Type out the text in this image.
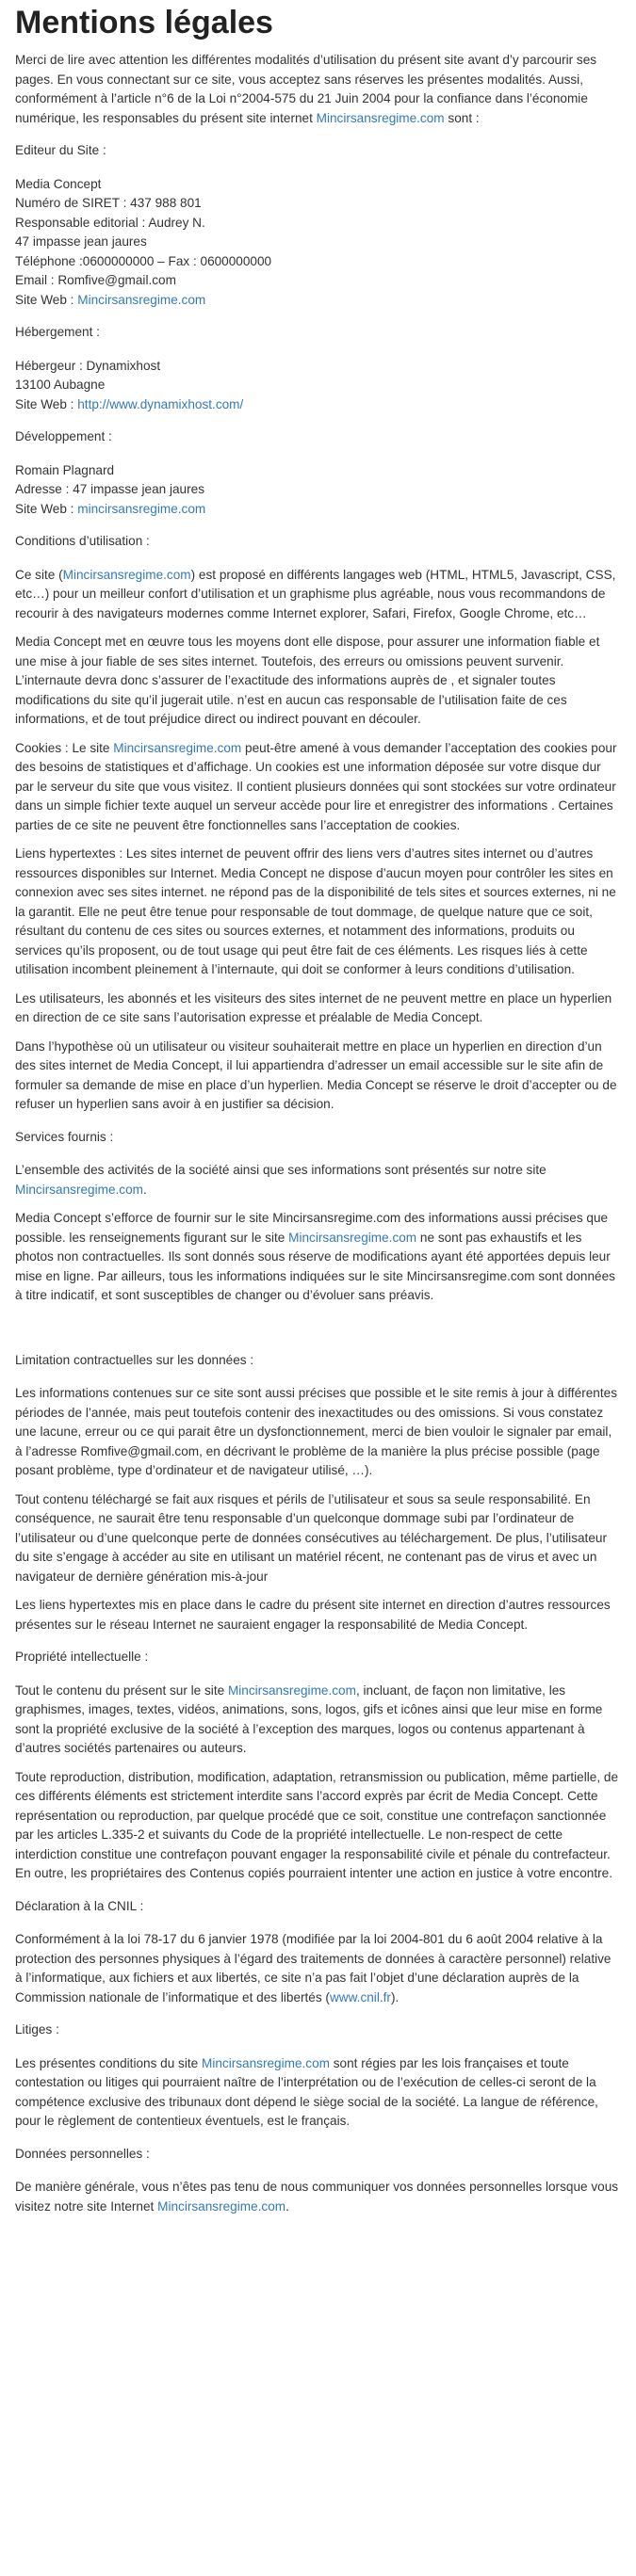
Mentions légales

Merci de lire avec attention les différentes modalités d’utilisation du présent site avant d’y parcourir ses pages. En vous connectant sur ce site, vous acceptez sans réserves les présentes modalités. Aussi, conformément à l’article n°6 de la Loi n°2004-575 du 21 Juin 2004 pour la confiance dans l’économie numérique, les responsables du présent site internet Mincirsansregime.com sont :

Editeur du Site :

Media Concept
Numéro de SIRET : 437 988 801
Responsable editorial : Audrey N.
47 impasse jean jaures
Téléphone :0600000000 – Fax : 0600000000
Email : Romfive@gmail.com
Site Web : Mincirsansregime.com

Hébergement :

Hébergeur : Dynamixhost
13100 Aubagne
Site Web : http://www.dynamixhost.com/

Développement :

Romain Plagnard
Adresse : 47 impasse jean jaures
Site Web : mincirsansregime.com

Conditions d’utilisation :

Ce site (Mincirsansregime.com) est proposé en différents langages web (HTML, HTML5, Javascript, CSS, etc…) pour un meilleur confort d’utilisation et un graphisme plus agréable, nous vous recommandons de recourir à des navigateurs modernes comme Internet explorer, Safari, Firefox, Google Chrome, etc…

Media Concept met en œuvre tous les moyens dont elle dispose, pour assurer une information fiable et une mise à jour fiable de ses sites internet. Toutefois, des erreurs ou omissions peuvent survenir. L’internaute devra donc s’assurer de l’exactitude des informations auprès de , et signaler toutes modifications du site qu’il jugerait utile. n’est en aucun cas responsable de l’utilisation faite de ces informations, et de tout préjudice direct ou indirect pouvant en découler.

Cookies : Le site Mincirsansregime.com peut-être amené à vous demander l’acceptation des cookies pour des besoins de statistiques et d’affichage. Un cookies est une information déposée sur votre disque dur par le serveur du site que vous visitez. Il contient plusieurs données qui sont stockées sur votre ordinateur dans un simple fichier texte auquel un serveur accède pour lire et enregistrer des informations . Certaines parties de ce site ne peuvent être fonctionnelles sans l’acceptation de cookies.

Liens hypertextes : Les sites internet de peuvent offrir des liens vers d’autres sites internet ou d’autres ressources disponibles sur Internet. Media Concept ne dispose d’aucun moyen pour contrôler les sites en connexion avec ses sites internet. ne répond pas de la disponibilité de tels sites et sources externes, ni ne la garantit. Elle ne peut être tenue pour responsable de tout dommage, de quelque nature que ce soit, résultant du contenu de ces sites ou sources externes, et notamment des informations, produits ou services qu’ils proposent, ou de tout usage qui peut être fait de ces éléments. Les risques liés à cette utilisation incombent pleinement à l’internaute, qui doit se conformer à leurs conditions d’utilisation.

Les utilisateurs, les abonnés et les visiteurs des sites internet de ne peuvent mettre en place un hyperlien en direction de ce site sans l’autorisation expresse et préalable de Media Concept.

Dans l’hypothèse où un utilisateur ou visiteur souhaiterait mettre en place un hyperlien en direction d’un des sites internet de Media Concept, il lui appartiendra d’adresser un email accessible sur le site afin de formuler sa demande de mise en place d’un hyperlien. Media Concept se réserve le droit d’accepter ou de refuser un hyperlien sans avoir à en justifier sa décision.

Services fournis :

L’ensemble des activités de la société ainsi que ses informations sont présentés sur notre site Mincirsansregime.com.

Media Concept s’efforce de fournir sur le site Mincirsansregime.com des informations aussi précises que possible. les renseignements figurant sur le site Mincirsansregime.com ne sont pas exhaustifs et les photos non contractuelles. Ils sont donnés sous réserve de modifications ayant été apportées depuis leur mise en ligne. Par ailleurs, tous les informations indiquées sur le site Mincirsansregime.com sont données à titre indicatif, et sont susceptibles de changer ou d’évoluer sans préavis.

Limitation contractuelles sur les données :

Les informations contenues sur ce site sont aussi précises que possible et le site remis à jour à différentes périodes de l’année, mais peut toutefois contenir des inexactitudes ou des omissions. Si vous constatez une lacune, erreur ou ce qui parait être un dysfonctionnement, merci de bien vouloir le signaler par email, à l’adresse Romfive@gmail.com, en décrivant le problème de la manière la plus précise possible (page posant problème, type d’ordinateur et de navigateur utilisé, …).

Tout contenu téléchargé se fait aux risques et périls de l’utilisateur et sous sa seule responsabilité. En conséquence, ne saurait être tenu responsable d’un quelconque dommage subi par l’ordinateur de l’utilisateur ou d’une quelconque perte de données consécutives au téléchargement. De plus, l’utilisateur du site s’engage à accéder au site en utilisant un matériel récent, ne contenant pas de virus et avec un navigateur de dernière génération mis-à-jour

Les liens hypertextes mis en place dans le cadre du présent site internet en direction d’autres ressources présentes sur le réseau Internet ne sauraient engager la responsabilité de Media Concept.

Propriété intellectuelle :

Tout le contenu du présent sur le site Mincirsansregime.com, incluant, de façon non limitative, les graphismes, images, textes, vidéos, animations, sons, logos, gifs et icônes ainsi que leur mise en forme sont la propriété exclusive de la société à l’exception des marques, logos ou contenus appartenant à d’autres sociétés partenaires ou auteurs.

Toute reproduction, distribution, modification, adaptation, retransmission ou publication, même partielle, de ces différents éléments est strictement interdite sans l’accord exprès par écrit de Media Concept. Cette représentation ou reproduction, par quelque procédé que ce soit, constitue une contrefaçon sanctionnée par les articles L.335-2 et suivants du Code de la propriété intellectuelle. Le non-respect de cette interdiction constitue une contrefaçon pouvant engager la responsabilité civile et pénale du contrefacteur. En outre, les propriétaires des Contenus copiés pourraient intenter une action en justice à votre encontre.

Déclaration à la CNIL :

Conformément à la loi 78-17 du 6 janvier 1978 (modifiée par la loi 2004-801 du 6 août 2004 relative à la protection des personnes physiques à l’égard des traitements de données à caractère personnel) relative à l’informatique, aux fichiers et aux libertés, ce site n’a pas fait l’objet d’une déclaration auprès de la Commission nationale de l’informatique et des libertés (www.cnil.fr).

Litiges :

Les présentes conditions du site Mincirsansregime.com sont régies par les lois françaises et toute contestation ou litiges qui pourraient naître de l’interprétation ou de l’exécution de celles-ci seront de la compétence exclusive des tribunaux dont dépend le siège social de la société. La langue de référence, pour le règlement de contentieux éventuels, est le français.

Données personnelles :

De manière générale, vous n’êtes pas tenu de nous communiquer vos données personnelles lorsque vous visitez notre site Internet Mincirsansregime.com.
